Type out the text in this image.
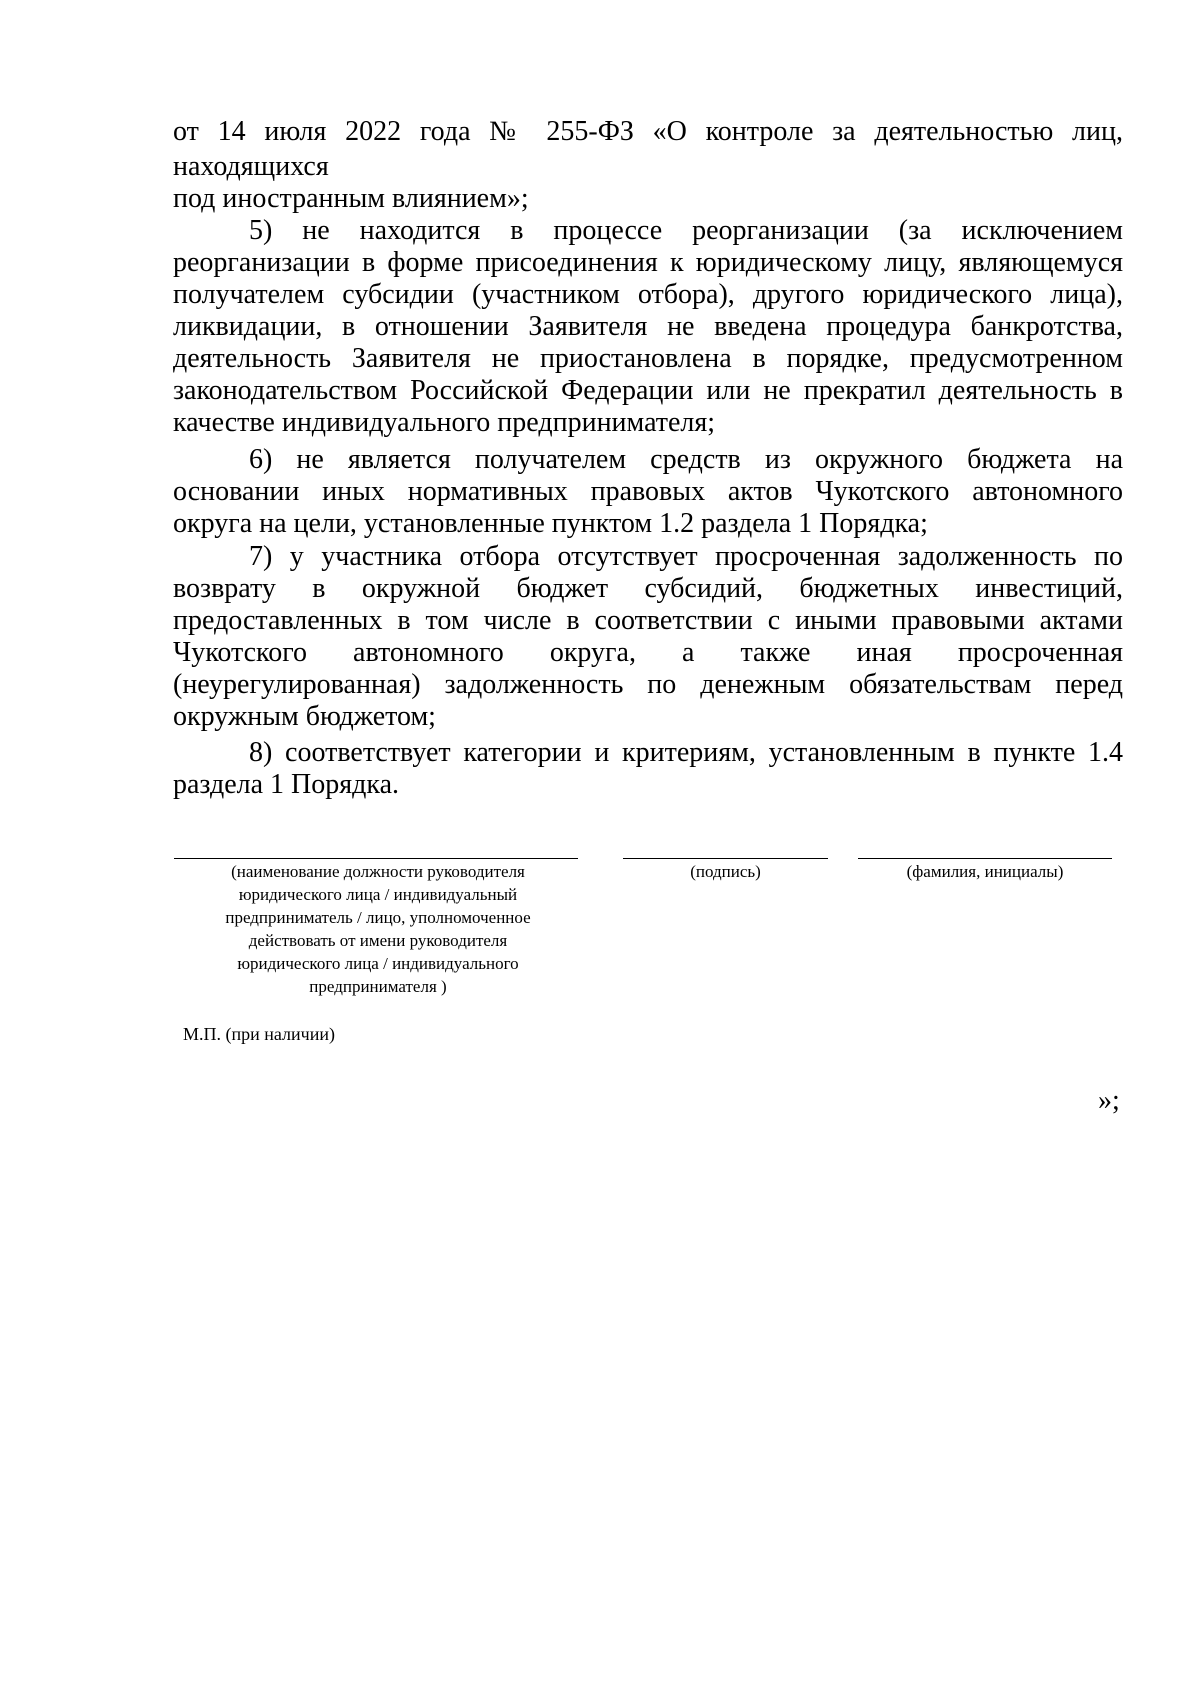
от 14 июля 2022 года № 255-ФЗ «О контроле за деятельностью лиц,
находящихся
под иностранным влиянием»;
5) не находится в процессе реорганизации (за исключением
реорганизации в форме присоединения к юридическому лицу, являющемуся
получателем субсидии (участником отбора), другого юридического лица),
ликвидации, в отношении Заявителя не введена процедура банкротства,
деятельность Заявителя не приостановлена в порядке, предусмотренном
законодательством Российской Федерации или не прекратил деятельность в
качестве индивидуального предпринимателя;
6) не является получателем средств из окружного бюджета на
основании иных нормативных правовых актов Чукотского автономного
округа на цели, установленные пунктом 1.2 раздела 1 Порядка;
7) у участника отбора отсутствует просроченная задолженность по
возврату в окружной бюджет субсидий, бюджетных инвестиций,
предоставленных в том числе в соответствии с иными правовыми актами
Чукотского автономного округа, а также иная просроченная
(неурегулированная) задолженность по денежным обязательствам перед
окружным бюджетом;
8) соответствует категории и критериям, установленным в пункте 1.4
раздела 1 Порядка.
(наименование должности руководителя
юридического лица / индивидуальный
предприниматель / лицо, уполномоченное
действовать от имени руководителя
юридического лица / индивидуального
предпринимателя )
(подпись)	(фамилия, инициалы)
М.П. (при наличии)
»;
